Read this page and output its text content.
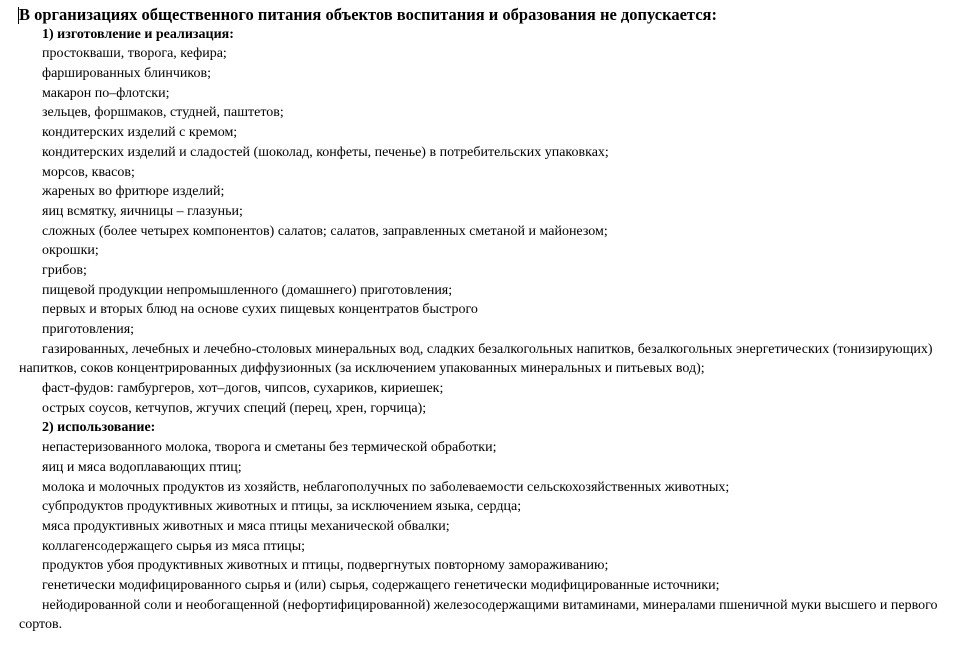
В организациях общественного питания объектов воспитания и образования не допускается:
1) изготовление и реализация:
простокваши, творога, кефира;
фаршированных блинчиков;
макарон по–флотски;
зельцев, форшмаков, студней, паштетов;
кондитерских изделий с кремом;
кондитерских изделий и сладостей (шоколад, конфеты, печенье) в потребительских упаковках;
морсов, квасов;
жареных во фритюре изделий;
яиц всмятку, яичницы – глазуньи;
сложных (более четырех компонентов) салатов; салатов, заправленных сметаной и майонезом;
окрошки;
грибов;
пищевой продукции непромышленного (домашнего) приготовления;
первых и вторых блюд на основе сухих пищевых концентратов быстрого
приготовления;
газированных, лечебных и лечебно-столовых минеральных вод, сладких безалкогольных напитков, безалкогольных энергетических (тонизирующих) напитков, соков концентрированных диффузионных (за исключением упакованных минеральных и питьевых вод);
фаст-фудов: гамбургеров, хот–догов, чипсов, сухариков, кириешек;
острых соусов, кетчупов, жгучих специй (перец, хрен, горчица);
2) использование:
непастеризованного молока, творога и сметаны без термической обработки;
яиц и мяса водоплавающих птиц;
молока и молочных продуктов из хозяйств, неблагополучных по заболеваемости сельскохозяйственных животных;
субпродуктов продуктивных животных и птицы, за исключением языка, сердца;
мяса продуктивных животных и мяса птицы механической обвалки;
коллагенсодержащего сырья из мяса птицы;
продуктов убоя продуктивных животных и птицы, подвергнутых повторному замораживанию;
генетически модифицированного сырья и (или) сырья, содержащего генетически модифицированные источники;
нейодированной соли и необогащенной (нефортифицированной) железосодержащими витаминами, минералами пшеничной муки высшего и первого сортов.
